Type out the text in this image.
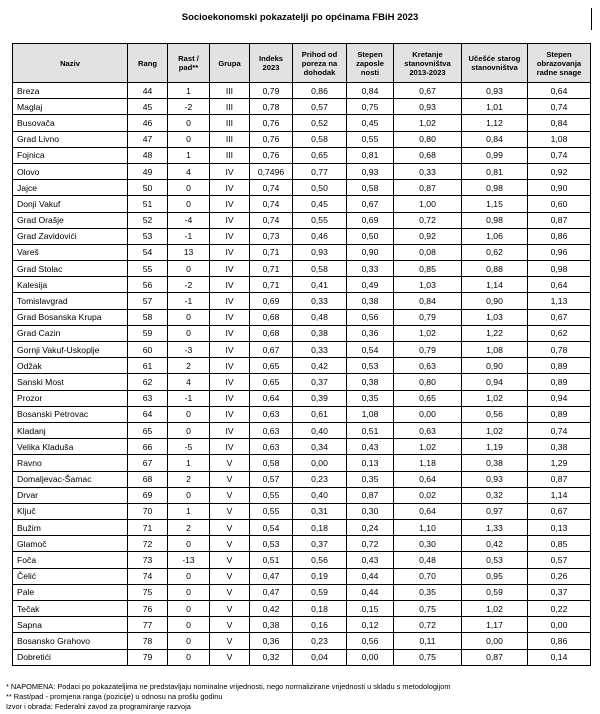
Socioekonomski pokazatelji po općinama FBiH 2023
Naziv	Rang	Rast / pad**	Grupa	Indeks 2023	Prihod od poreza na dohodak	Stepen zaposle nosti	Kretanje stanovništva 2013-2023	Učešće starog stanovništva	Stepen obrazovanja radne snage
Breza	44	1	III	0,79	0,86	0,84	0,67	0,93	0,64
Maglaj	45	-2	III	0,78	0,57	0,75	0,93	1,01	0,74
Busovača	46	0	III	0,76	0,52	0,45	1,02	1,12	0,84
Grad Livno	47	0	III	0,76	0,58	0,55	0,80	0,84	1,08
Fojnica	48	1	III	0,76	0,65	0,81	0,68	0,99	0,74
Olovo	49	4	IV	0,7496	0,77	0,93	0,33	0,81	0,92
Jajce	50	0	IV	0,74	0,50	0,58	0,87	0,98	0,90
Donji Vakuf	51	0	IV	0,74	0,45	0,67	1,00	1,15	0,60
Grad Orašje	52	-4	IV	0,74	0,55	0,69	0,72	0,98	0,87
Grad Zavidovići	53	-1	IV	0,73	0,46	0,50	0,92	1,06	0,86
Vareš	54	13	IV	0,71	0,93	0,90	0,08	0,62	0,96
Grad Stolac	55	0	IV	0,71	0,58	0,33	0,85	0,88	0,98
Kalesija	56	-2	IV	0,71	0,41	0,49	1,03	1,14	0,64
Tomislavgrad	57	-1	IV	0,69	0,33	0,38	0,84	0,90	1,13
Grad Bosanska Krupa	58	0	IV	0,68	0,48	0,56	0,79	1,03	0,67
Grad Cazin	59	0	IV	0,68	0,38	0,36	1,02	1,22	0,62
Gornji Vakuf-Uskoplje	60	-3	IV	0,67	0,33	0,54	0,79	1,08	0,78
Odžak	61	2	IV	0,65	0,42	0,53	0,63	0,90	0,89
Sanski Most	62	4	IV	0,65	0,37	0,38	0,80	0,94	0,89
Prozor	63	-1	IV	0,64	0,39	0,35	0,65	1,02	0,94
Bosanski Petrovac	64	0	IV	0,63	0,61	1,08	0,00	0,56	0,89
Kladanj	65	0	IV	0,63	0,40	0,51	0,63	1,02	0,74
Velika Kladuša	66	-5	IV	0,63	0,34	0,43	1,02	1,19	0,38
Ravno	67	1	V	0,58	0,00	0,13	1,18	0,38	1,29
Domaljevac-Šamac	68	2	V	0,57	0,23	0,35	0,64	0,93	0,87
Drvar	69	0	V	0,55	0,40	0,87	0,02	0,32	1,14
Ključ	70	1	V	0,55	0,31	0,30	0,64	0,97	0,67
Bužim	71	2	V	0,54	0,18	0,24	1,10	1,33	0,13
Glamoč	72	0	V	0,53	0,37	0,72	0,30	0,42	0,85
Foča	73	-13	V	0,51	0,56	0,43	0,48	0,53	0,57
Čelić	74	0	V	0,47	0,19	0,44	0,70	0,95	0,26
Pale	75	0	V	0,47	0,59	0,44	0,35	0,59	0,37
Tečak	76	0	V	0,42	0,18	0,15	0,75	1,02	0,22
Sapna	77	0	V	0,38	0,16	0,12	0,72	1,17	0,00
Bosansko Grahovo	78	0	V	0,36	0,23	0,56	0,11	0,00	0,86
Dobretići	79	0	V	0,32	0,04	0,00	0,75	0,87	0,14
* NAPOMENA: Podaci po pokazateljima ne predstavljaju nominalne vrijednosti, nego normalizirane vrijednosti u skladu s metodologijom
** Rast/pad - promjena ranga (pozicije) u odnosu na prošlu godinu
Izvor i obrada: Federalni zavod za programiranje razvoja
